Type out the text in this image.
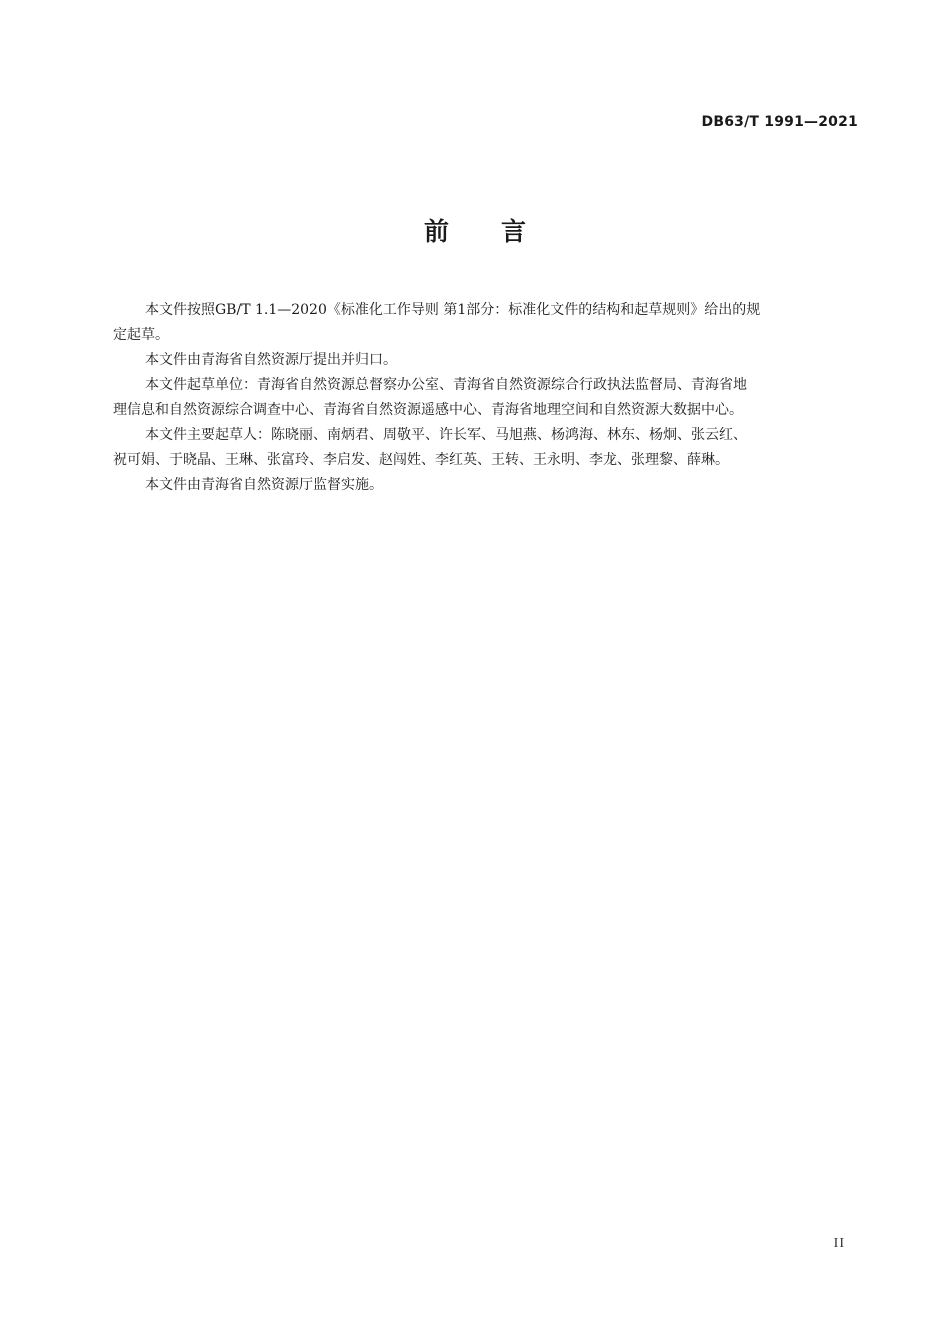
DB63/T 1991—2021
前言

本文件按照GB/T 1.1—2020《标准化工作导则 第1部分：标准化文件的结构和起草规则》给出的规

定起草。

本文件由青海省自然资源厅提出并归口。

本文件起草单位：青海省自然资源总督察办公室、青海省自然资源综合行政执法监督局、青海省地

理信息和自然资源综合调查中心、青海省自然资源遥感中心、青海省地理空间和自然资源大数据中心。

本文件主要起草人：陈晓丽、南炳君、周敬平、许长军、马旭燕、杨鸿海、林东、杨炯、张云红、

祝可娟、于晓晶、王琳、张富玲、李启发、赵闯姓、李红英、王转、王永明、李龙、张理黎、薛琳。

本文件由青海省自然资源厅监督实施。

II
